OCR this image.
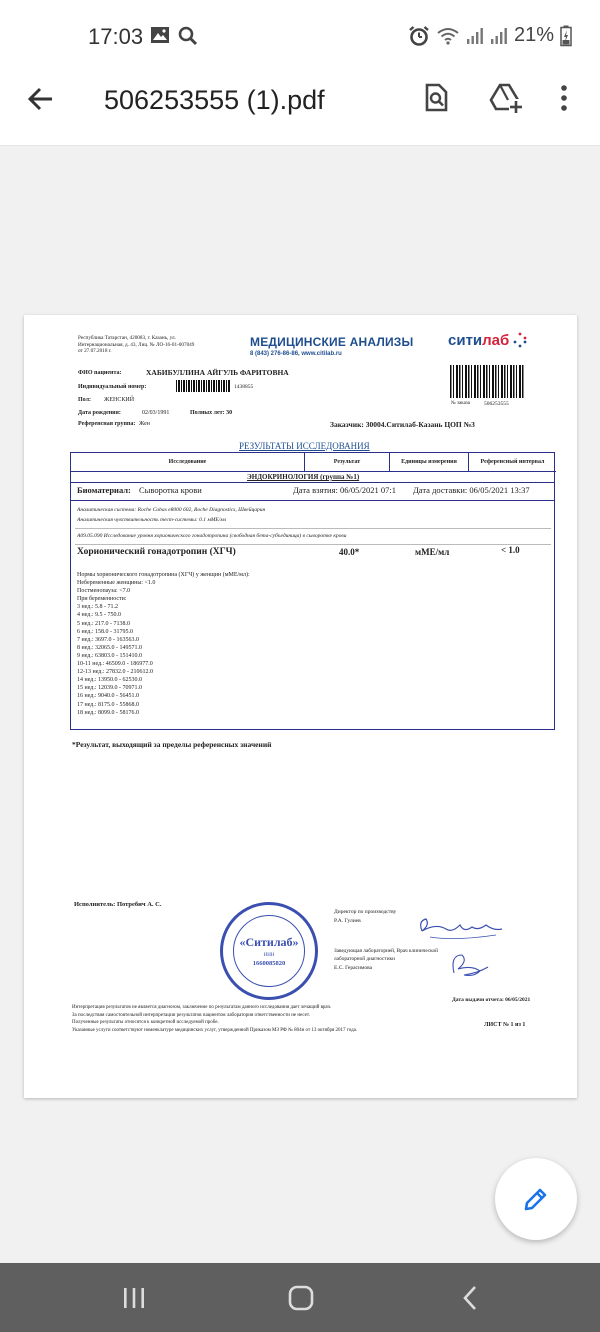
17:03	21%
506253555 (1).pdf
Республика Татарстан, 420083, г. Казань, ул. Интернациональная, д. 43, Лиц. № ЛО-16-01-007049 от 27.07.2018 г.
МЕДИЦИНСКИЕ АНАЛИЗЫ
8 (843) 276-86-86, www.citilab.ru
ситилаб
ФИО пациента:	ХАБИБУЛЛИНА АЙГУЛЬ ФАРИТОВНА
Индивидуальный номер:	1438855
Пол: ЖЕНСКИЙ
Дата рождения:	02/03/1991	Полных лет: 30
Референсная группа: Жен
№ заказа	506253555
Заказчик: 30004.Ситилаб-Казань ЦОП №3
РЕЗУЛЬТАТЫ ИССЛЕДОВАНИЯ
Исследование	Результат	Единицы измерения	Референсный интервал
ЭНДОКРИНОЛОГИЯ (группа №1)
Биоматериал: Сыворотка крови	Дата взятия: 06/05/2021 07:1 Дата доставки: 06/05/2021 13:37
Аналитическая система: Roche Cobas e8000 602, Roche Diagnostics, Швейцария
Аналитическая чувствительность тест-системы: 0.1 мМЕ/мл
A09.05.090 Исследование уровня хорионического гонадотропина (свободная бета-субъединица) в сыворотке крови
Хорионический гонадотропин (ХГЧ)	40.0*	мМЕ/мл	< 1.0
Нормы хорионического гонадотропина (ХГЧ) у женщин (мМЕ/мл):
Небеременные женщины: <1.0
Постменопауза: <7.0
При беременности:
3 нед.: 5.8 - 71.2
4 нед.: 9.5 - 750.0
5 нед.: 217.0 - 7138.0
6 нед.: 158.0 - 31795.0
7 нед.: 3697.0 - 163563.0
8 нед.: 32065.0 - 149571.0
9 нед.: 63803.0 - 151410.0
10-11 нед.: 46509.0 - 186977.0
12-13 нед.: 27832.0 - 210612.0
14 нед.: 13950.0 - 62530.0
15 нед.: 12039.0 - 70971.0
16 нед.: 9040.0 - 56451.0
17 нед.: 8175.0 - 55868.0
18 нед.: 8099.0 - 58176.0
*Результат, выходящий за пределы референсных значений
Исполнитель: Потребич А. С.
«Ситилаб»
ИНН
1660085820
Директор по производству
Р.А. Гулиев
Заведующая лабораторией, Врач клинической лабораторной диагностики
Е.С. Герасимова
Дата выдачи отчета: 06/05/2021
Интерпретация результатов не является диагнозом, заключение по результатам данного исследования дает лечащий врач.
За последствия самостоятельной интерпретации результатов пациентом лаборатория ответственности не несет.
Полученные результаты относятся к конкретной исследуемой пробе.
Указанные услуги соответствуют номенклатуре медицинских услуг, утвержденной Приказом МЗ РФ № 804н от 13 октября 2017 года.
ЛИСТ № 1 из 1
